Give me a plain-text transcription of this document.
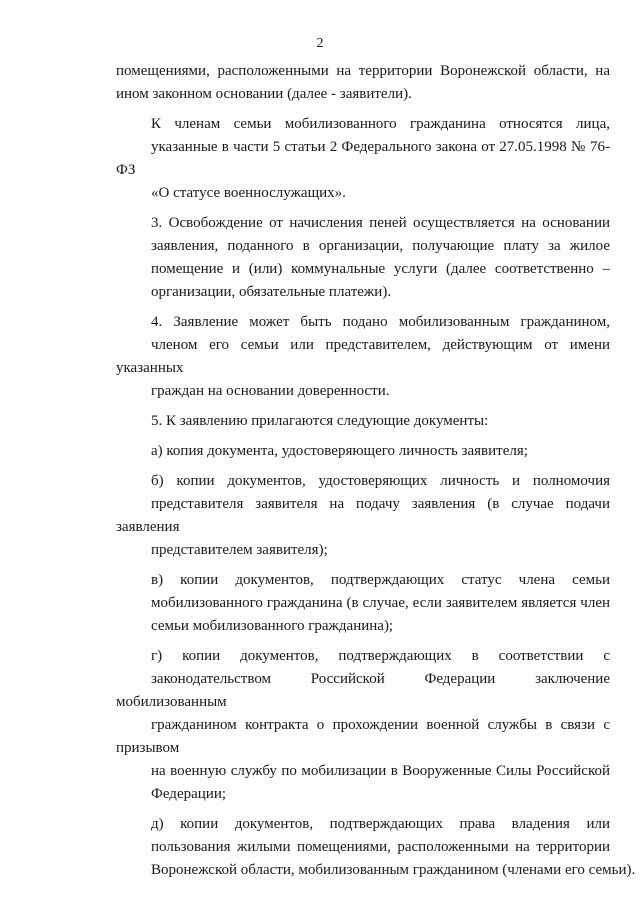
2

помещениями, расположенными на территории Воронежской области, на
ином законном основании (далее - заявители).

К членам семьи мобилизованного гражданина относятся лица,
указанные в части 5 статьи 2 Федерального закона от 27.05.1998 № 76-ФЗ
«О статусе военнослужащих».

3. Освобождение от начисления пеней осуществляется на основании
заявления, поданного в организации, получающие плату за жилое
помещение и (или) коммунальные услуги (далее соответственно –
организации, обязательные платежи).

4. Заявление может быть подано мобилизованным гражданином,
членом его семьи или представителем, действующим от имени указанных
граждан на основании доверенности.

5. К заявлению прилагаются следующие документы:

а) копия документа, удостоверяющего личность заявителя;

б) копии документов, удостоверяющих личность и полномочия
представителя заявителя на подачу заявления (в случае подачи заявления
представителем заявителя);

в) копии документов, подтверждающих статус члена семьи
мобилизованного гражданина (в случае, если заявителем является член
семьи мобилизованного гражданина);

г) копии документов, подтверждающих в соответствии с
законодательством Российской Федерации заключение мобилизованным
гражданином контракта о прохождении военной службы в связи с призывом
на военную службу по мобилизации в Вооруженные Силы Российской
Федерации;

д) копии документов, подтверждающих права владения или
пользования жилыми помещениями, расположенными на территории
Воронежской области, мобилизованным гражданином (членами его семьи).
